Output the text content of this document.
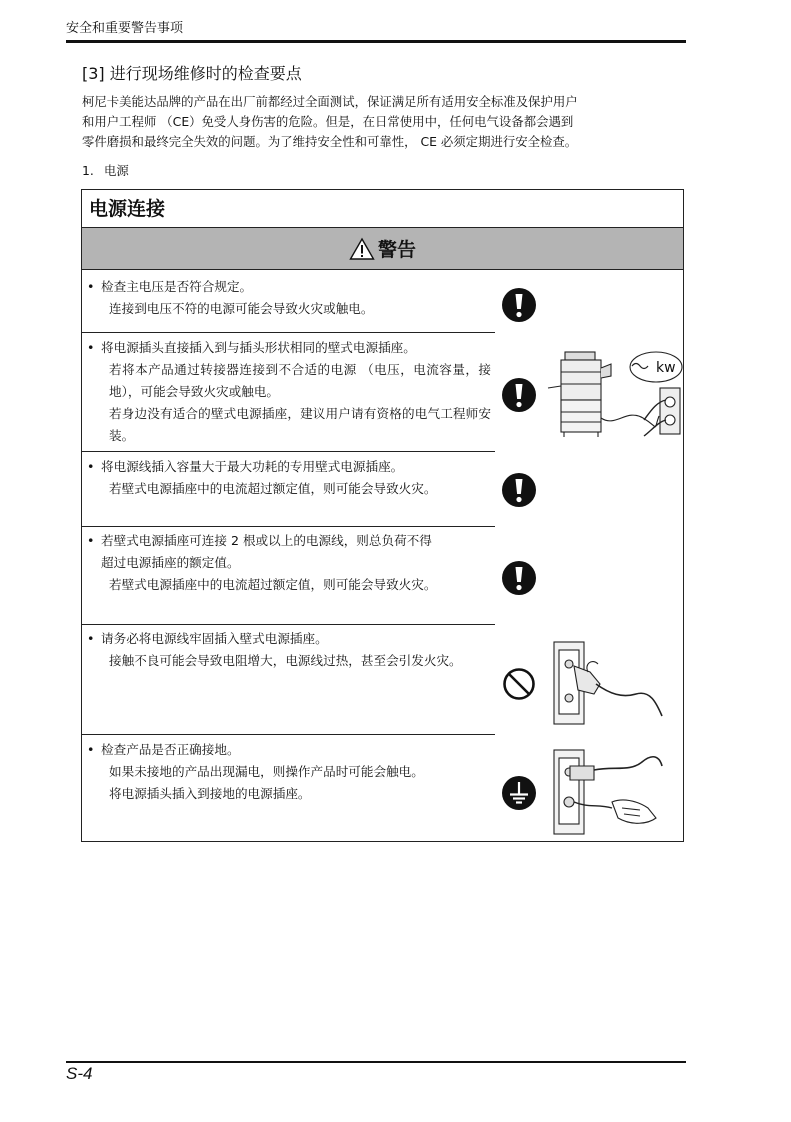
安全和重要警告事项
[3] 进行现场维修时的检查要点

柯尼卡美能达品牌的产品在出厂前都经过全面测试，保证满足所有适用安全标准及保护用户

和用户工程师 （CE）免受人身伤害的危险。但是，在日常使用中，任何电气设备都会遇到

零件磨损和最终完全失效的问题。为了维持安全性和可靠性， CE 必须定期进行安全检查。

1. 电源
电源连接
警告
• 检查主电压是否符合规定。
连接到电压不符的电源可能会导致火灾或触电。
• 将电源插头直接插入到与插头形状相同的壁式电源插座。
若将本产品通过转接器连接到不合适的电源 （电压，电流容量，接地），可能会导致火灾或触电。
若身边没有适合的壁式电源插座，建议用户请有资格的电气工程师安装。
• 将电源线插入容量大于最大功耗的专用壁式电源插座。
若壁式电源插座中的电流超过额定值，则可能会导致火灾。
• 若壁式电源插座可连接 2 根或以上的电源线，则总负荷不得
超过电源插座的额定值。
若壁式电源插座中的电流超过额定值，则可能会导致火灾。
• 请务必将电源线牢固插入壁式电源插座。
接触不良可能会导致电阻增大，电源线过热，甚至会引发火灾。
• 检查产品是否正确接地。
如果未接地的产品出现漏电，则操作产品时可能会触电。
将电源插头插入到接地的电源插座。
kw
S-4
